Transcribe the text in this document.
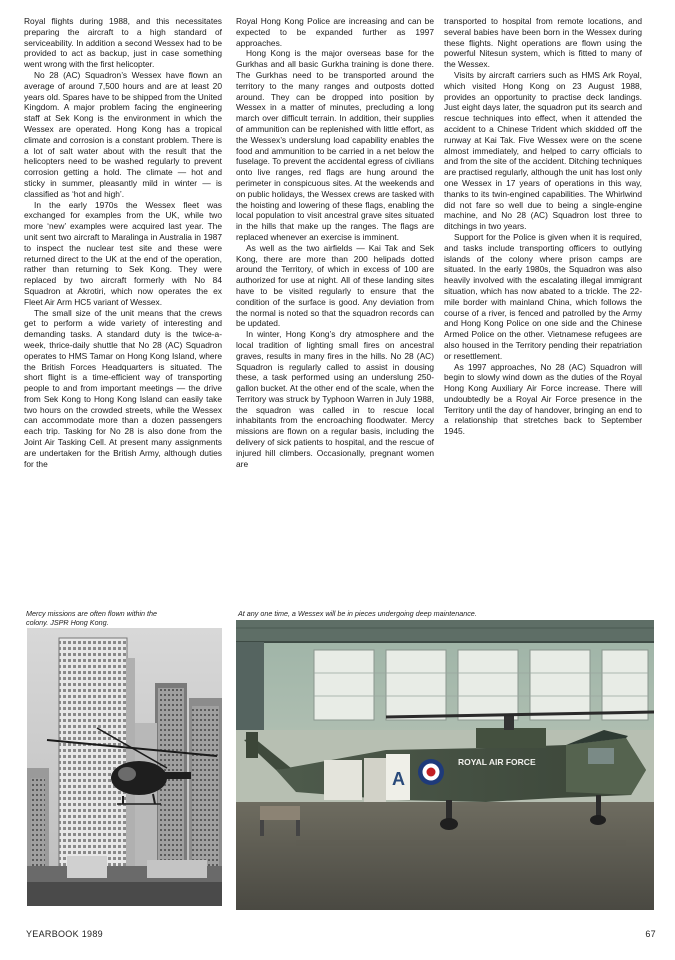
Royal flights during 1988, and this necessitates preparing the aircraft to a high standard of serviceability. In addition a second Wessex had to be provided to act as backup, just in case something went wrong with the first helicopter.

No 28 (AC) Squadron’s Wessex have flown an average of around 7,500 hours and are at least 20 years old. Spares have to be shipped from the United Kingdom. A major problem facing the engineering staff at Sek Kong is the environment in which the Wessex are operated. Hong Kong has a tropical climate and corrosion is a constant problem. There is a lot of salt water about with the result that the helicopters need to be washed regularly to prevent corrosion getting a hold. The climate — hot and sticky in summer, pleasantly mild in winter — is classified as ‘hot and high’.

In the early 1970s the Wessex fleet was exchanged for examples from the UK, while two more ‘new’ examples were acquired last year. The unit sent two aircraft to Maralinga in Australia in 1987 to inspect the nuclear test site and these were returned direct to the UK at the end of the operation, rather than returning to Sek Kong. They were replaced by two aircraft formerly with No 84 Squadron at Akrotiri, which now operates the ex Fleet Air Arm HC5 variant of Wessex.

The small size of the unit means that the crews get to perform a wide variety of interesting and demanding tasks. A standard duty is the twice-a-week, thrice-daily shuttle that No 28 (AC) Squadron operates to HMS Tamar on Hong Kong Island, where the British Forces Headquarters is situated. The short flight is a time-efficient way of transporting people to and from important meetings — the drive from Sek Kong to Hong Kong Island can easily take two hours on the crowded streets, while the Wessex can accommodate more than a dozen passengers each trip. Tasking for No 28 is also done from the Joint Air Tasking Cell. At present many assignments are undertaken for the British Army, although duties for the

Royal Hong Kong Police are increasing and can be expected to be expanded further as 1997 approaches.

Hong Kong is the major overseas base for the Gurkhas and all basic Gurkha training is done there. The Gurkhas need to be transported around the territory to the many ranges and outposts dotted around. They can be dropped into position by Wessex in a matter of minutes, precluding a long march over difficult terrain. In addition, their supplies of ammunition can be replenished with little effort, as the Wessex’s underslung load capability enables the food and ammunition to be carried in a net below the fuselage. To prevent the accidental egress of civilians onto live ranges, red flags are hung around the perimeter in conspicuous sites. At the weekends and on public holidays, the Wessex crews are tasked with the hoisting and lowering of these flags, enabling the local population to visit ancestral grave sites situated in the hills that make up the ranges. The flags are replaced whenever an exercise is imminent.

As well as the two airfields — Kai Tak and Sek Kong, there are more than 200 helipads dotted around the Territory, of which in excess of 100 are authorized for use at night. All of these landing sites have to be visited regularly to ensure that the condition of the surface is good. Any deviation from the normal is noted so that the squadron records can be updated.

In winter, Hong Kong’s dry atmosphere and the local tradition of lighting small fires on ancestral graves, results in many fires in the hills. No 28 (AC) Squadron is regularly called to assist in dousing these, a task performed using an underslung 250-gallon bucket. At the other end of the scale, when the Territory was struck by Typhoon Warren in July 1988, the squadron was called in to rescue local inhabitants from the encroaching floodwater. Mercy missions are flown on a regular basis, including the delivery of sick patients to hospital, and the rescue of injured hill climbers. Occasionally, pregnant women are

transported to hospital from remote locations, and several babies have been born in the Wessex during these flights. Night operations are flown using the powerful Nitesun system, which is fitted to many of the Wessex.

Visits by aircraft carriers such as HMS Ark Royal, which visited Hong Kong on 23 August 1988, provides an opportunity to practise deck landings. Just eight days later, the squadron put its search and rescue techniques into effect, when it attended the accident to a Chinese Trident which skidded off the runway at Kai Tak. Five Wessex were on the scene almost immediately, and helped to carry officials to and from the site of the accident. Ditching techniques are practised regularly, although the unit has lost only one Wessex in 17 years of operations in this way, thanks to its twin-engined capabilities. The Whirlwind did not fare so well due to being a single-engine machine, and No 28 (AC) Squadron lost three to ditchings in two years.

Support for the Police is given when it is required, and tasks include transporting officers to outlying islands of the colony where prison camps are situated. In the early 1980s, the Squadron was also heavily involved with the escalating illegal immigrant situation, which has now abated to a trickle. The 22-mile border with mainland China, which follows the course of a river, is fenced and patrolled by the Army and Hong Kong Police on one side and the Chinese Armed Police on the other. Vietnamese refugees are also housed in the Territory pending their repatriation or resettlement.

As 1997 approaches, No 28 (AC) Squadron will begin to slowly wind down as the duties of the Royal Hong Kong Auxiliary Air Force increase. There will undoubtedly be a Royal Air Force presence in the Territory until the day of handover, bringing an end to a relationship that stretches back to September 1945.

Mercy missions are often flown within the
colony. JSPR Hong Kong.
At any one time, a Wessex will be in pieces undergoing deep maintenance.
A
ROYAL AIR FORCE
YEARBOOK 1989	67
